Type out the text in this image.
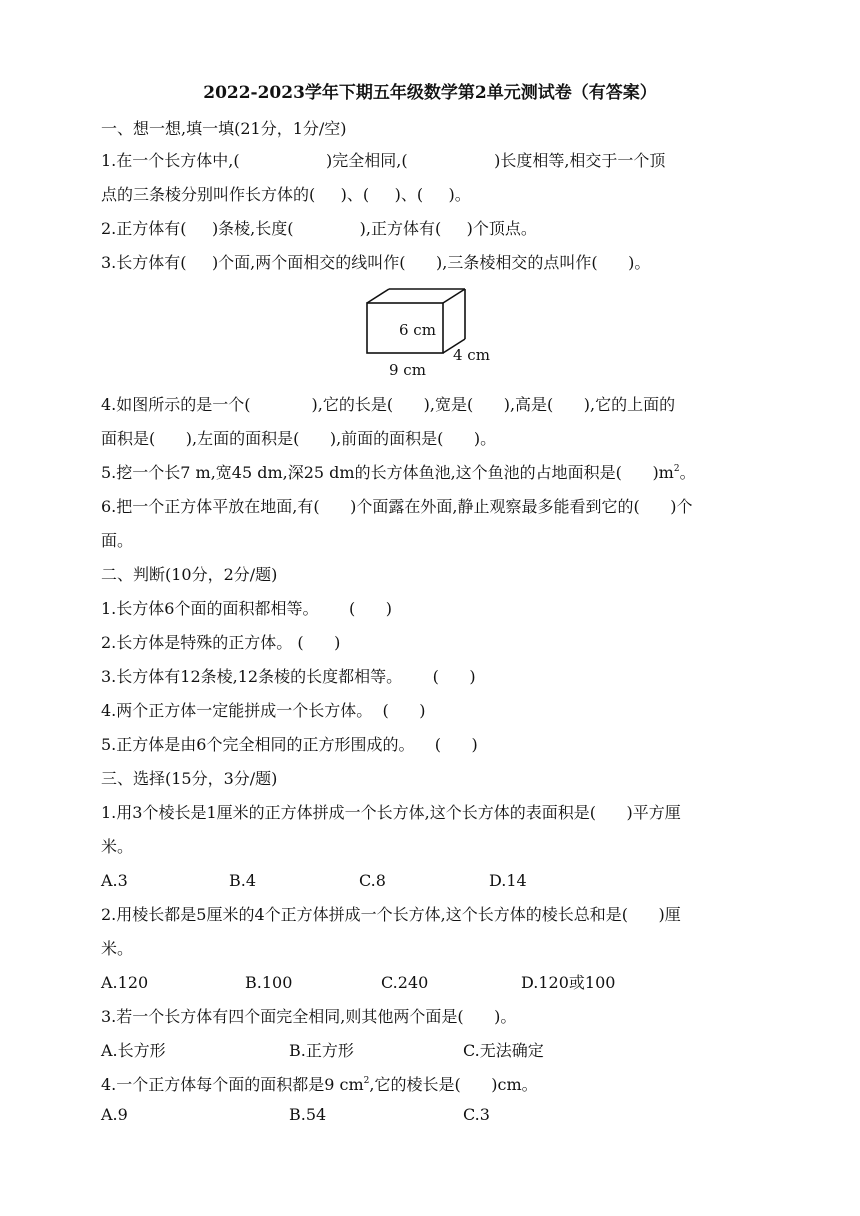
2022-2023学年下期五年级数学第2单元测试卷（有答案）
一、想一想,填一填(21分，1分/空)
1.在一个长方体中,(                 )完全相同,(                 )长度相等,相交于一个顶
点的三条棱分别叫作长方体的(     )、(     )、(     )。
2.正方体有(     )条棱,长度(             ),正方体有(     )个顶点。
3.长方体有(     )个面,两个面相交的线叫作(      ),三条棱相交的点叫作(      )。
6 cm
4 cm
9 cm
4.如图所示的是一个(            ),它的长是(      ),宽是(      ),高是(      ),它的上面的
面积是(      ),左面的面积是(      ),前面的面积是(      )。
5.挖一个长7 m,宽45 dm,深25 dm的长方体鱼池,这个鱼池的占地面积是(      )$m^2$。
6.把一个正方体平放在地面,有(      )个面露在外面,静止观察最多能看到它的(      )个
面。
二、判断(10分，2分/题)
1.长方体6个面的面积都相等。      (      )
2.长方体是特殊的正方体。 (      )
3.长方体有12条棱,12条棱的长度都相等。      (      )
4.两个正方体一定能拼成一个长方体。  (      )
5.正方体是由6个完全相同的正方形围成的。    (      )
三、选择(15分，3分/题)
1.用3个棱长是1厘米的正方体拼成一个长方体,这个长方体的表面积是(      )平方厘
米。
A.3	B.4	C.8	D.14
2.用棱长都是5厘米的4个正方体拼成一个长方体,这个长方体的棱长总和是(      )厘
米。
A.120	B.100	C.240	D.120或100
3.若一个长方体有四个面完全相同,则其他两个面是(      )。
A.长方形	B.正方形	C.无法确定
4.一个正方体每个面的面积都是9 $cm^2$,它的棱长是(      )cm。
A.9	B.54	C.3
